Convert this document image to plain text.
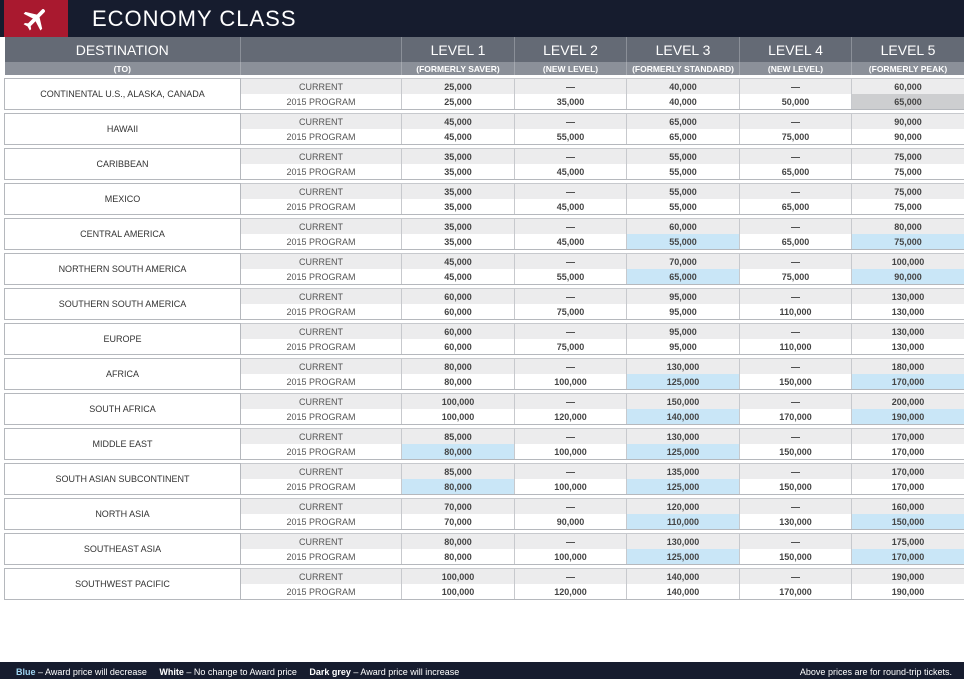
ECONOMY CLASS
DESTINATION		LEVEL 1	LEVEL 2	LEVEL 3	LEVEL 4	LEVEL 5
(TO)		(FORMERLY SAVER)	(NEW LEVEL)	(FORMERLY STANDARD)	(NEW LEVEL)	(FORMERLY PEAK)

CONTINENTAL U.S., ALASKA, CANADA	CURRENT	25,000	—	40,000	—	60,000
	2015 PROGRAM	25,000	35,000	40,000	50,000	65,000

HAWAII	CURRENT	45,000	—	65,000	—	90,000
	2015 PROGRAM	45,000	55,000	65,000	75,000	90,000

CARIBBEAN	CURRENT	35,000	—	55,000	—	75,000
	2015 PROGRAM	35,000	45,000	55,000	65,000	75,000

MEXICO	CURRENT	35,000	—	55,000	—	75,000
	2015 PROGRAM	35,000	45,000	55,000	65,000	75,000

CENTRAL AMERICA	CURRENT	35,000	—	60,000	—	80,000
	2015 PROGRAM	35,000	45,000	55,000	65,000	75,000

NORTHERN SOUTH AMERICA	CURRENT	45,000	—	70,000	—	100,000
	2015 PROGRAM	45,000	55,000	65,000	75,000	90,000

SOUTHERN SOUTH AMERICA	CURRENT	60,000	—	95,000	—	130,000
	2015 PROGRAM	60,000	75,000	95,000	110,000	130,000

EUROPE	CURRENT	60,000	—	95,000	—	130,000
	2015 PROGRAM	60,000	75,000	95,000	110,000	130,000

AFRICA	CURRENT	80,000	—	130,000	—	180,000
	2015 PROGRAM	80,000	100,000	125,000	150,000	170,000

SOUTH AFRICA	CURRENT	100,000	—	150,000	—	200,000
	2015 PROGRAM	100,000	120,000	140,000	170,000	190,000

MIDDLE EAST	CURRENT	85,000	—	130,000	—	170,000
	2015 PROGRAM	80,000	100,000	125,000	150,000	170,000

SOUTH ASIAN SUBCONTINENT	CURRENT	85,000	—	135,000	—	170,000
	2015 PROGRAM	80,000	100,000	125,000	150,000	170,000

NORTH ASIA	CURRENT	70,000	—	120,000	—	160,000
	2015 PROGRAM	70,000	90,000	110,000	130,000	150,000

SOUTHEAST ASIA	CURRENT	80,000	—	130,000	—	175,000
	2015 PROGRAM	80,000	100,000	125,000	150,000	170,000

SOUTHWEST PACIFIC	CURRENT	100,000	—	140,000	—	190,000
	2015 PROGRAM	100,000	120,000	140,000	170,000	190,000
Blue – Award price will decrease White – No change to Award price Dark grey – Award price will increase	Above prices are for round-trip tickets.
